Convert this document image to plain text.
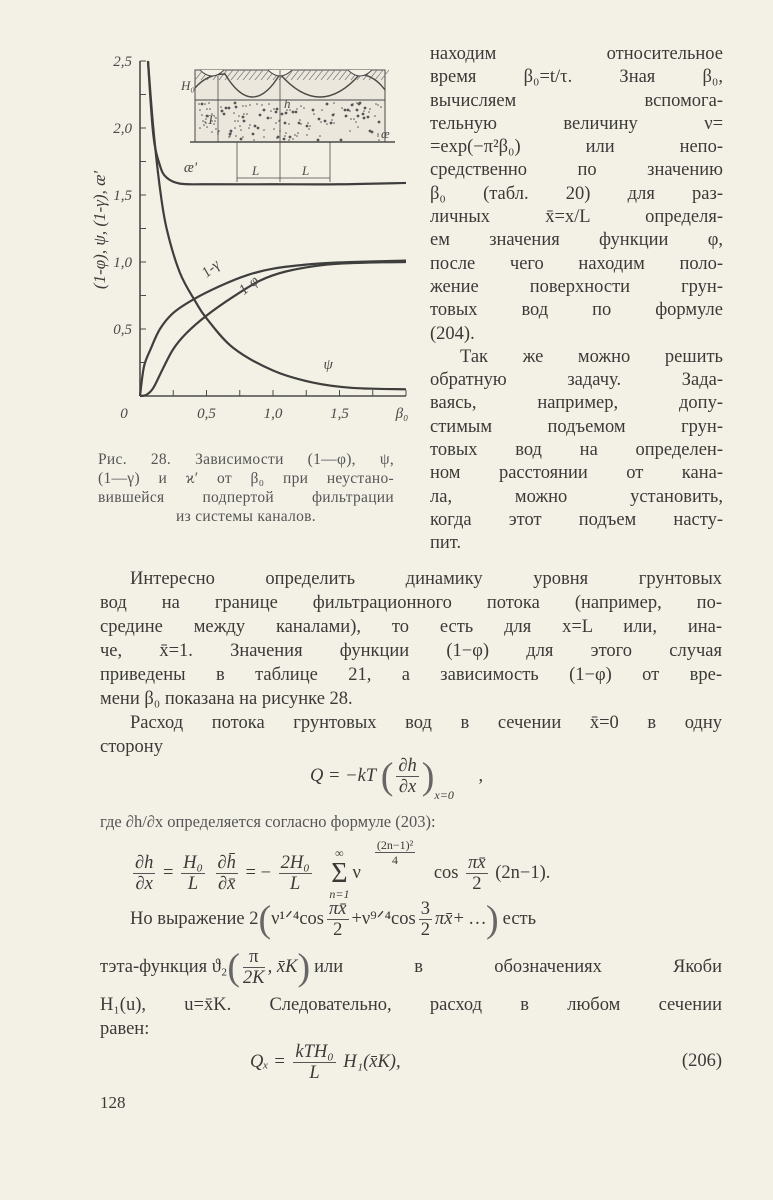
0,5
1,0
1,5
2,0
2,5
0,5	1,0	1,5
0	β₀
æ'
ψ
1-γ
1-φ
H₀
T
h
L	L
æ
(1-φ), ψ, (1-γ), æ'
Рис. 28. Зависимости (1—φ), ψ,
(1—γ) и ϰ′ от β₀ при неустано-
вившейся подпертой фильтрации
из системы каналов.
находим относительное
время β₀=t/τ. Зная β₀,
вычисляем вспомога-
тельную величину ν=
=exp(−π²β₀) или непо-
средственно по значению
β₀ (табл. 20) для раз-
личных x̄=x/L определя-
ем значения функции φ,
после чего находим поло-
жение поверхности грун-
товых вод по формуле
(204).
Так же можно решить
обратную задачу. Зада-
ваясь, например, допу-
стимым подъемом грун-
товых вод на определен-
ном расстоянии от кана-
ла, можно установить,
когда этот подъем насту-
пит.
Интересно определить динамику уровня грунтовых
вод на границе фильтрационного потока (например, по-
средине между каналами), то есть для x=L или, ина-
че, x̄=1. Значения функции (1−φ) для этого случая
приведены в таблице 21, а зависимость (1−φ) от вре-
мени β₀ показана на рисунке 28.
Расход потока грунтовых вод в сечении x̄=0 в одну
сторону
Q = −kT ( $\frac{\partial h}{\partial x} )_{x=0}$ ,
где ∂h/∂x определяется согласно формуле (203):
$\frac{\partial h}{\partial x} = \frac{\text{H₀}}{L}$
$\frac{\partial h̄}{\partial x̄}$ = − $\frac{\text{2H₀}}{L}$

∞
Σ
n=1
ν
$\frac{\text{(2n−1)²}}{4}$
$\cos \frac{\pi x̄}{2} (2n-1)$.
Но выражение 2(ν¹ᐟ⁴cos $\frac{\pi x̄}{2}$ +ν⁹ᐟ⁴cos $\frac{3}{2}$ πx̄+ …) есть
тэта-функция $ϑ_2( \frac{\pi}{2K}$ , x̄K) или в обозначениях Якоби
H₁(u), u=x̄K. Следовательно, расход в любом сечении
равен:
$Q_x = \frac{\text{kTH₀}}{L}$ H₁(x̄K),	(206)
128
